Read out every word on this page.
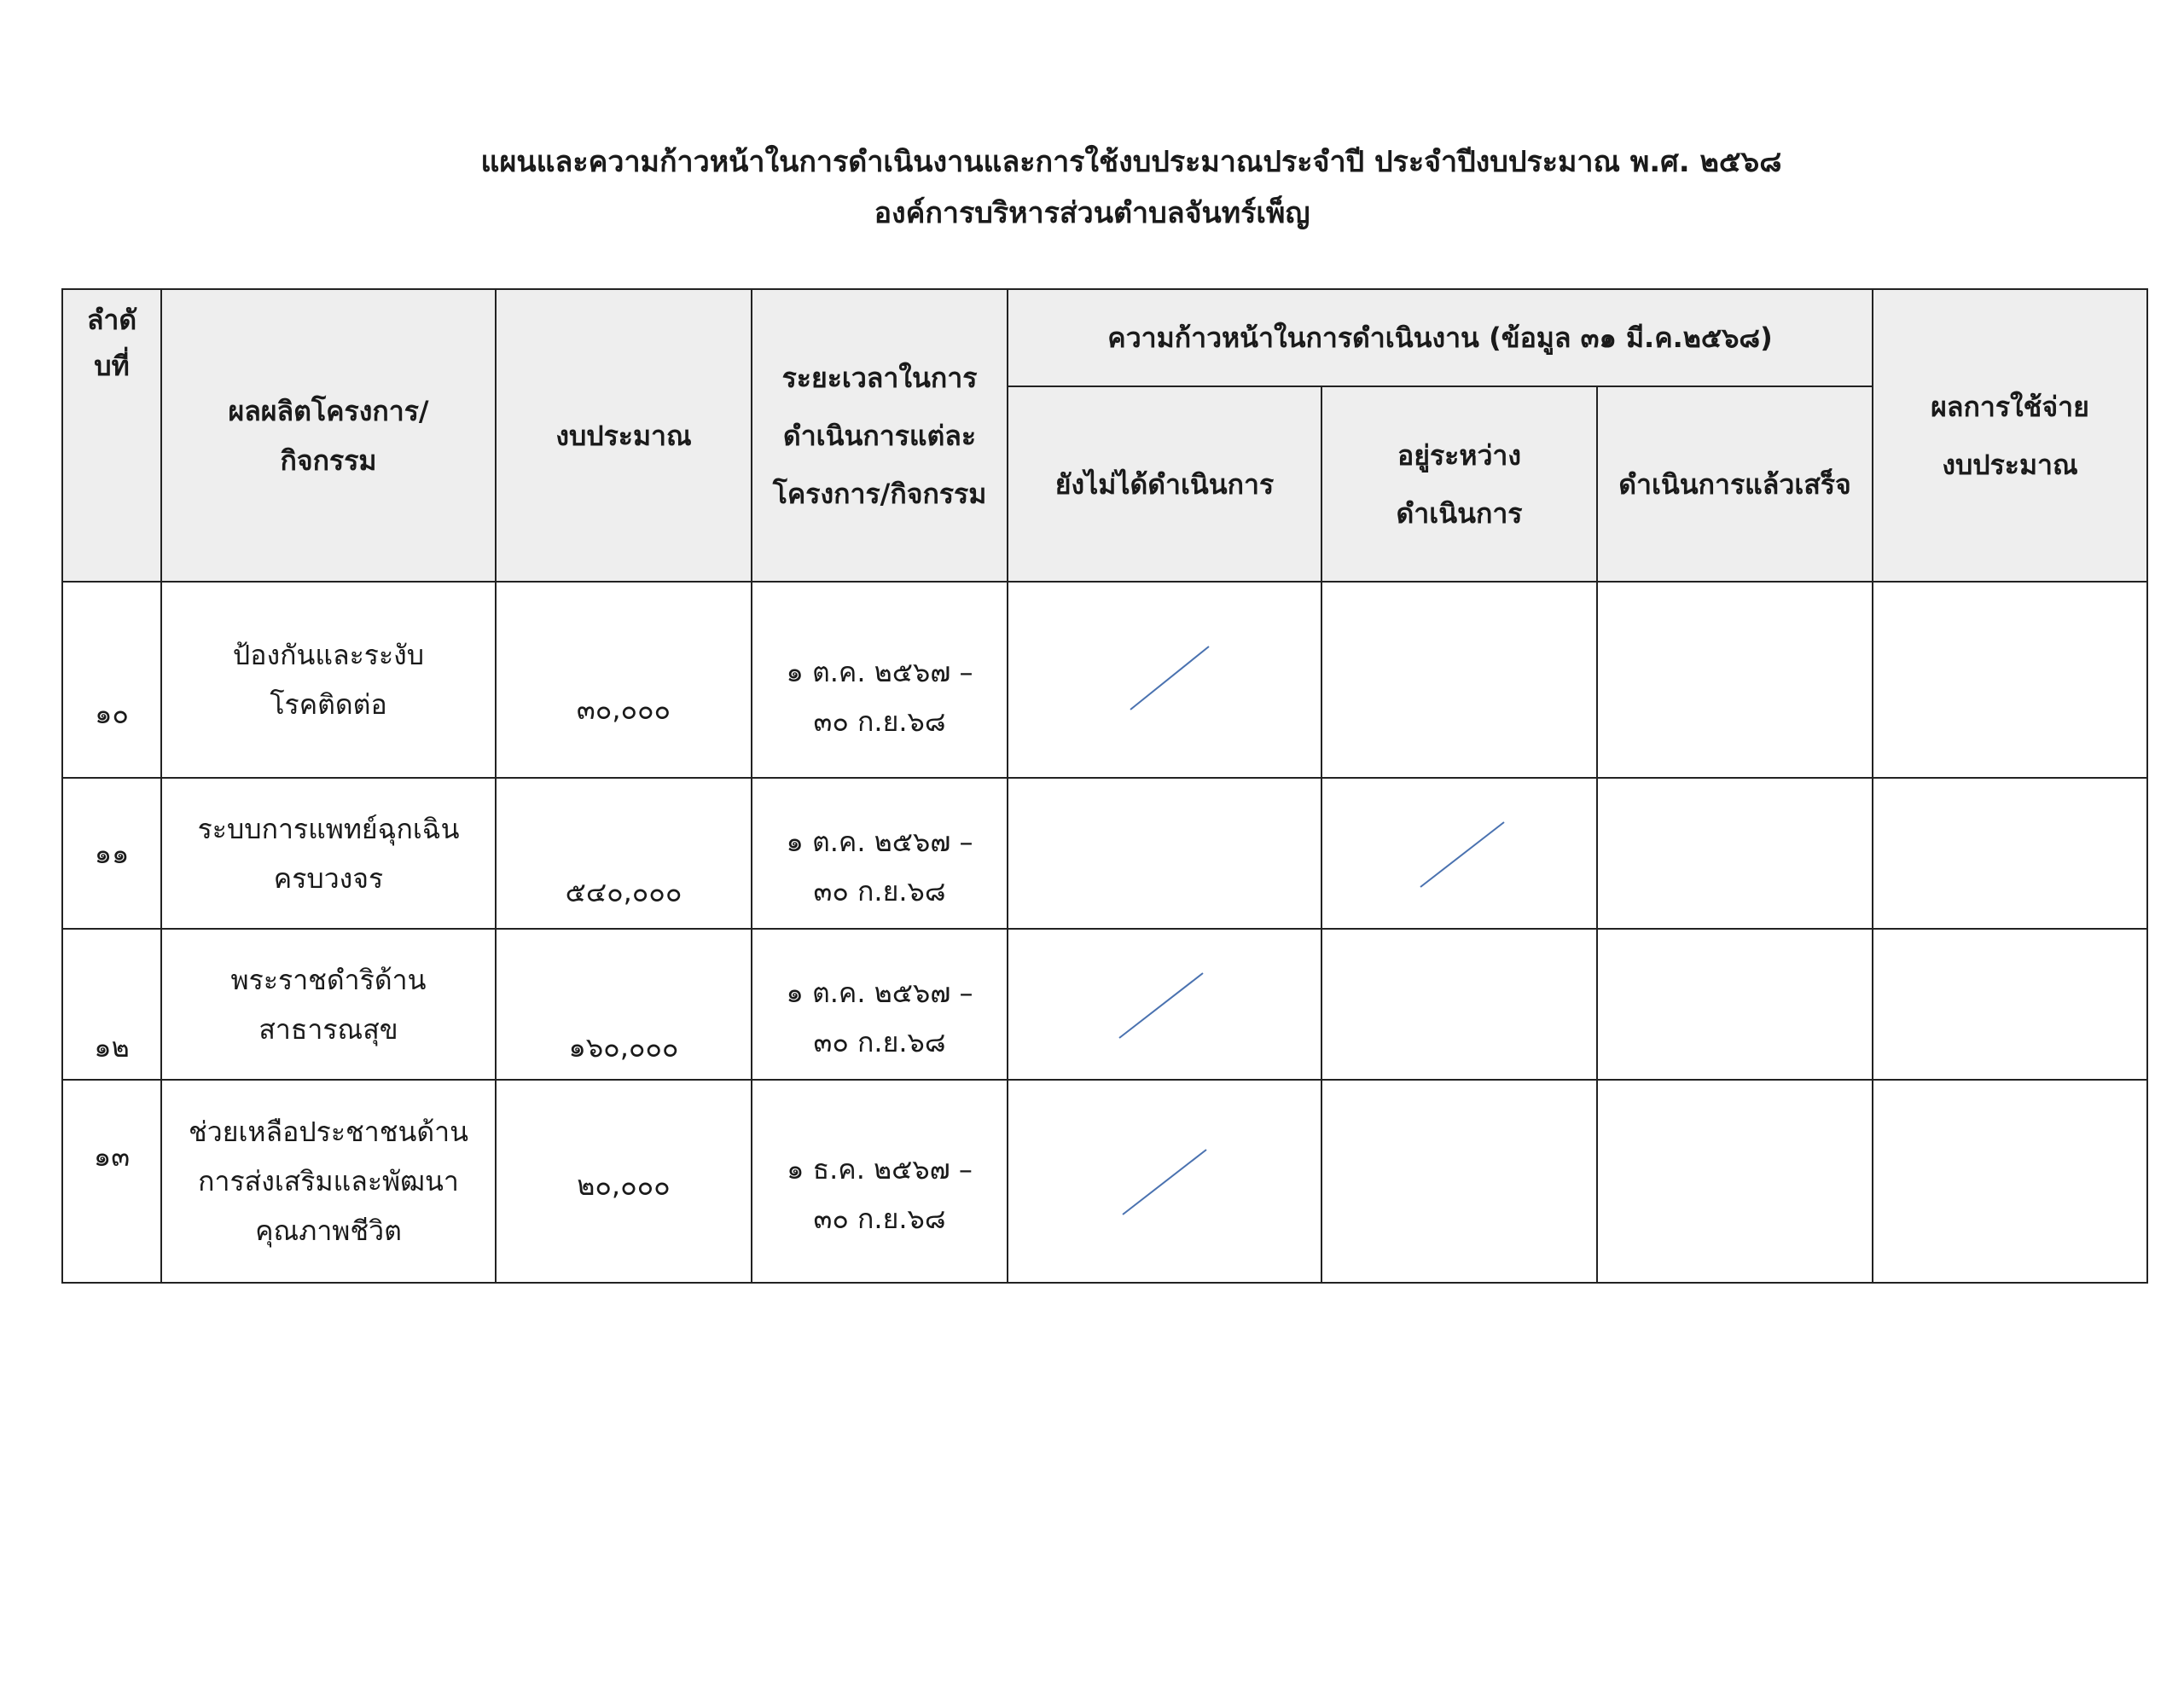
แผนและความก้าวหน้าในการดำเนินงานและการใช้งบประมาณประจำปี ประจำปีงบประมาณ พ.ศ. ๒๕๖๘
องค์การบริหารส่วนตำบลจันทร์เพ็ญ
ลำดับที่	ผลผลิตโครงการ/กิจกรรม	งบประมาณ	ระยะเวลาในการดำเนินการแต่ละโครงการ/กิจกรรม	ความก้าวหน้าในการดำเนินงาน (ข้อมูล ๓๑ มี.ค.๒๕๖๘)			ผลการใช้จ่ายงบประมาณ
				ยังไม่ได้ดำเนินการ	อยู่ระหว่างดำเนินการ	ดำเนินการแล้วเสร็จ	
๑๐	ป้องกันและระงับโรคติดต่อ	๓๐,๐๐๐	๑ ต.ค. ๒๕๖๗ –
๓๐ ก.ย.๖๘

๑๑	ระบบการแพทย์ฉุกเฉินครบวงจร	๕๔๐,๐๐๐	๑ ต.ค. ๒๕๖๗ –
๓๐ ก.ย.๖๘

๑๒	พระราชดำริด้านสาธารณสุข	๑๖๐,๐๐๐	๑ ต.ค. ๒๕๖๗ –
๓๐ ก.ย.๖๘

๑๓	ช่วยเหลือประชาชนด้านการส่งเสริมและพัฒนาคุณภาพชีวิต	๒๐,๐๐๐	๑ ธ.ค. ๒๕๖๗ –
๓๐ ก.ย.๖๘
